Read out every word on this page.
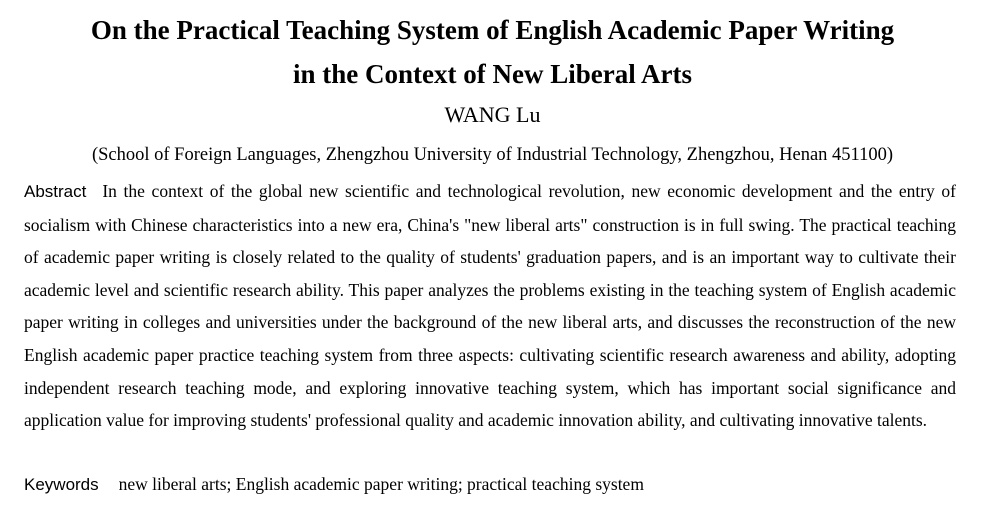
On the Practical Teaching System of English Academic Paper Writing
in the Context of New Liberal Arts
WANG Lu
(School of Foreign Languages, Zhengzhou University of Industrial Technology, Zhengzhou, Henan 451100)

Abstract In the context of the global new scientific and technological revolution, new economic development and the entry of socialism with Chinese characteristics into a new era, China's "new liberal arts" construction is in full swing. The practical teaching of academic paper writing is closely related to the quality of students' graduation papers, and is an important way to cultivate their academic level and scientific research ability. This paper analyzes the problems existing in the teaching system of English academic paper writing in colleges and universities under the background of the new liberal arts, and discusses the reconstruction of the new English academic paper practice teaching system from three aspects: cultivating scientific research awareness and ability, adopting independent research teaching mode, and exploring innovative teaching system, which has important social significance and application value for improving students' professional quality and academic innovation ability, and cultivating innovative talents.

Keywords new liberal arts; English academic paper writing; practical teaching system
